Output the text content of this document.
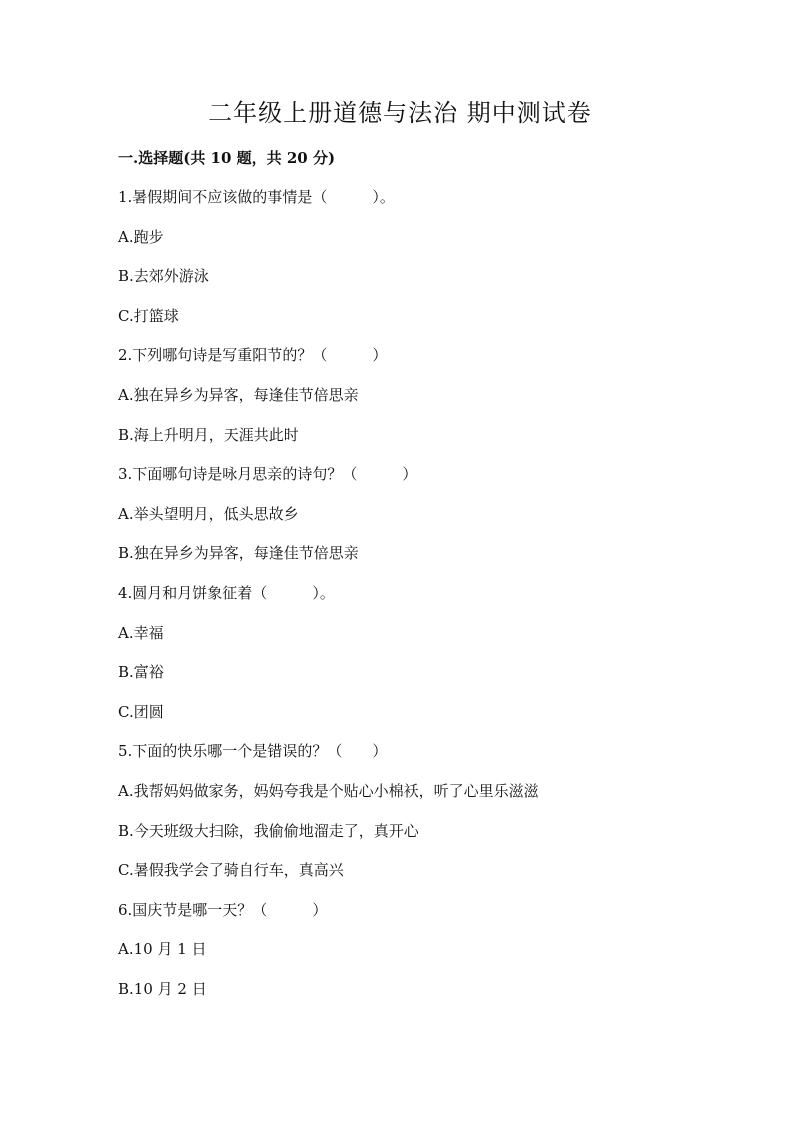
二年级上册道德与法治 期中测试卷
一.选择题(共 10 题，共 20 分)
1.暑假期间不应该做的事情是（　　　）。
A.跑步
B.去郊外游泳
C.打篮球
2.下列哪句诗是写重阳节的？（　　　）
A.独在异乡为异客，每逢佳节倍思亲
B.海上升明月，天涯共此时
3.下面哪句诗是咏月思亲的诗句？（　　　）
A.举头望明月，低头思故乡
B.独在异乡为异客，每逢佳节倍思亲
4.圆月和月饼象征着（　　　）。
A.幸福
B.富裕
C.团圆
5.下面的快乐哪一个是错误的？（　　）
A.我帮妈妈做家务，妈妈夸我是个贴心小棉袄，听了心里乐滋滋
B.今天班级大扫除，我偷偷地溜走了，真开心
C.暑假我学会了骑自行车，真高兴
6.国庆节是哪一天？（　　　）
A.10 月 1 日
B.10 月 2 日
